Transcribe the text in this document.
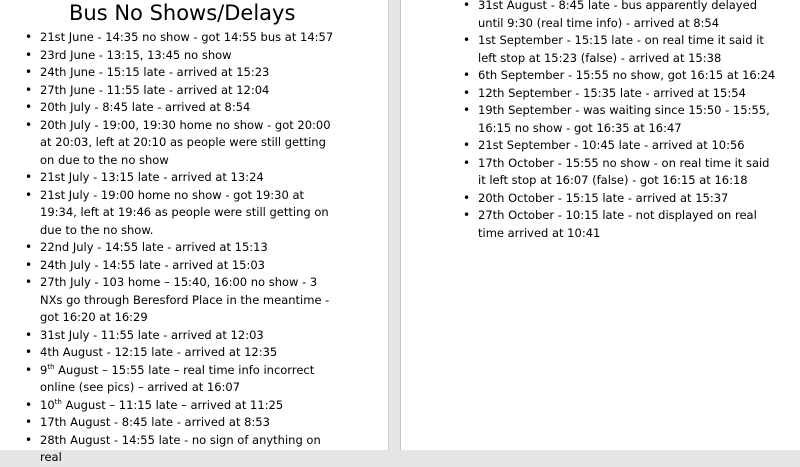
Bus No Shows/Delays
• 21st June - 14:35 no show - got 14:55 bus at 14:57
• 23rd June - 13:15, 13:45 no show
• 24th June - 15:15 late - arrived at 15:23
• 27th June - 11:55 late - arrived at 12:04
• 20th July - 8:45 late - arrived at 8:54
• 20th July - 19:00, 19:30 home no show - got 20:00 at 20:03, left at 20:10 as people were still getting on due to the no show
• 21st July - 13:15 late - arrived at 13:24
• 21st July - 19:00 home no show - got 19:30 at 19:34, left at 19:46 as people were still getting on due to the no show.
• 22nd July - 14:55 late - arrived at 15:13
• 24th July - 14:55 late - arrived at 15:03
• 27th July - 103 home – 15:40, 16:00 no show - 3 NXs go through Beresford Place in the meantime - got 16:20 at 16:29
• 31st July - 11:55 late - arrived at 12:03
• 4th August - 12:15 late - arrived at 12:35
• 9th August – 15:55 late – real time info incorrect online (see pics) – arrived at 16:07
• 10th August – 11:15 late – arrived at 11:25
• 17th August - 8:45 late - arrived at 8:53
• 28th August - 14:55 late - no sign of anything on real
• 31st August - 8:45 late - bus apparently delayed until 9:30 (real time info) - arrived at 8:54
• 1st September - 15:15 late - on real time it said it left stop at 15:23 (false) - arrived at 15:38
• 6th September - 15:55 no show, got 16:15 at 16:24
• 12th September - 15:35 late - arrived at 15:54
• 19th September - was waiting since 15:50 - 15:55, 16:15 no show - got 16:35 at 16:47
• 21st September - 10:45 late - arrived at 10:56
• 17th October - 15:55 no show - on real time it said it left stop at 16:07 (false) - got 16:15 at 16:18
• 20th October - 15:15 late - arrived at 15:37
• 27th October - 10:15 late - not displayed on real time arrived at 10:41
